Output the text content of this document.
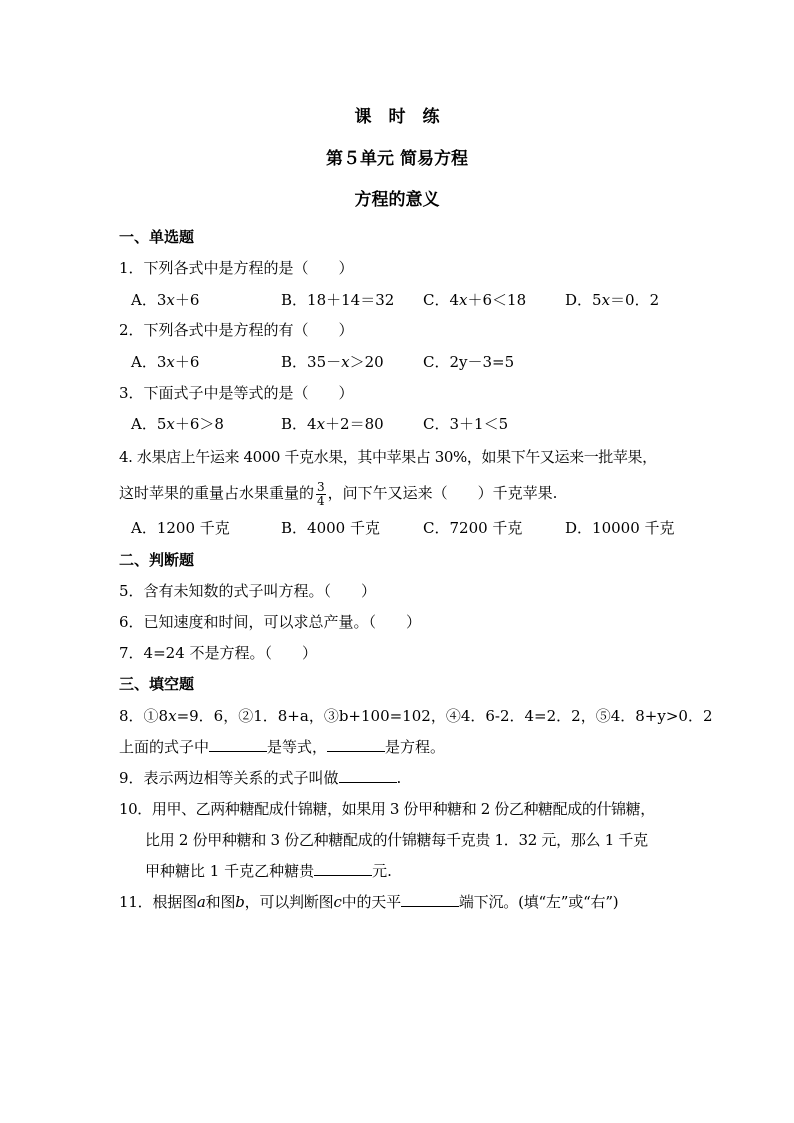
课　时　练
第５单元 简易方程
方程的意义
一、单选题
1．下列各式中是方程的是（　　）
A．3x＋6	B．18＋14＝32 C．4x＋6＜18	D．5x＝0．2
2．下列各式中是方程的有（　　）
A．3x＋6	B．35－x＞20	C．2y－3=5
3．下面式子中是等式的是（　　）
A．5x＋6＞8	B．4x＋2＝80	C．3＋1＜5
4. 水果店上午运来 4000 千克水果，其中苹果占 30%，如果下午又运来一批苹果，
这时苹果的重量占水果重量的 $\frac{3}{4}$ ，问下午又运来（　　）千克苹果.
A．1200 千克	B．4000 千克	C．7200 千克	D．10000 千克
二、判断题
5．含有未知数的式子叫方程。（　　）
6．已知速度和时间，可以求总产量。（　　）
7．4=24 不是方程。（　　）
三、填空题
8．①8x=9．6，②1．8+a，③b+100=102，④4．6-2．4=2．2，⑤4．8+y>0．2
上面的式子中	是等式，	是方程。
9．表示两边相等关系的式子叫做	.
10．用甲、乙两种糖配成什锦糖，如果用 3 份甲种糖和 2 份乙种糖配成的什锦糖，
比用 2 份甲种糖和 3 份乙种糖配成的什锦糖每千克贵 1．32 元，那么 1 千克
甲种糖比 1 千克乙种糖贵	元.
11．根据图a和图b，可以判断图c中的天平	端下沉。(填“左”或“右”)
